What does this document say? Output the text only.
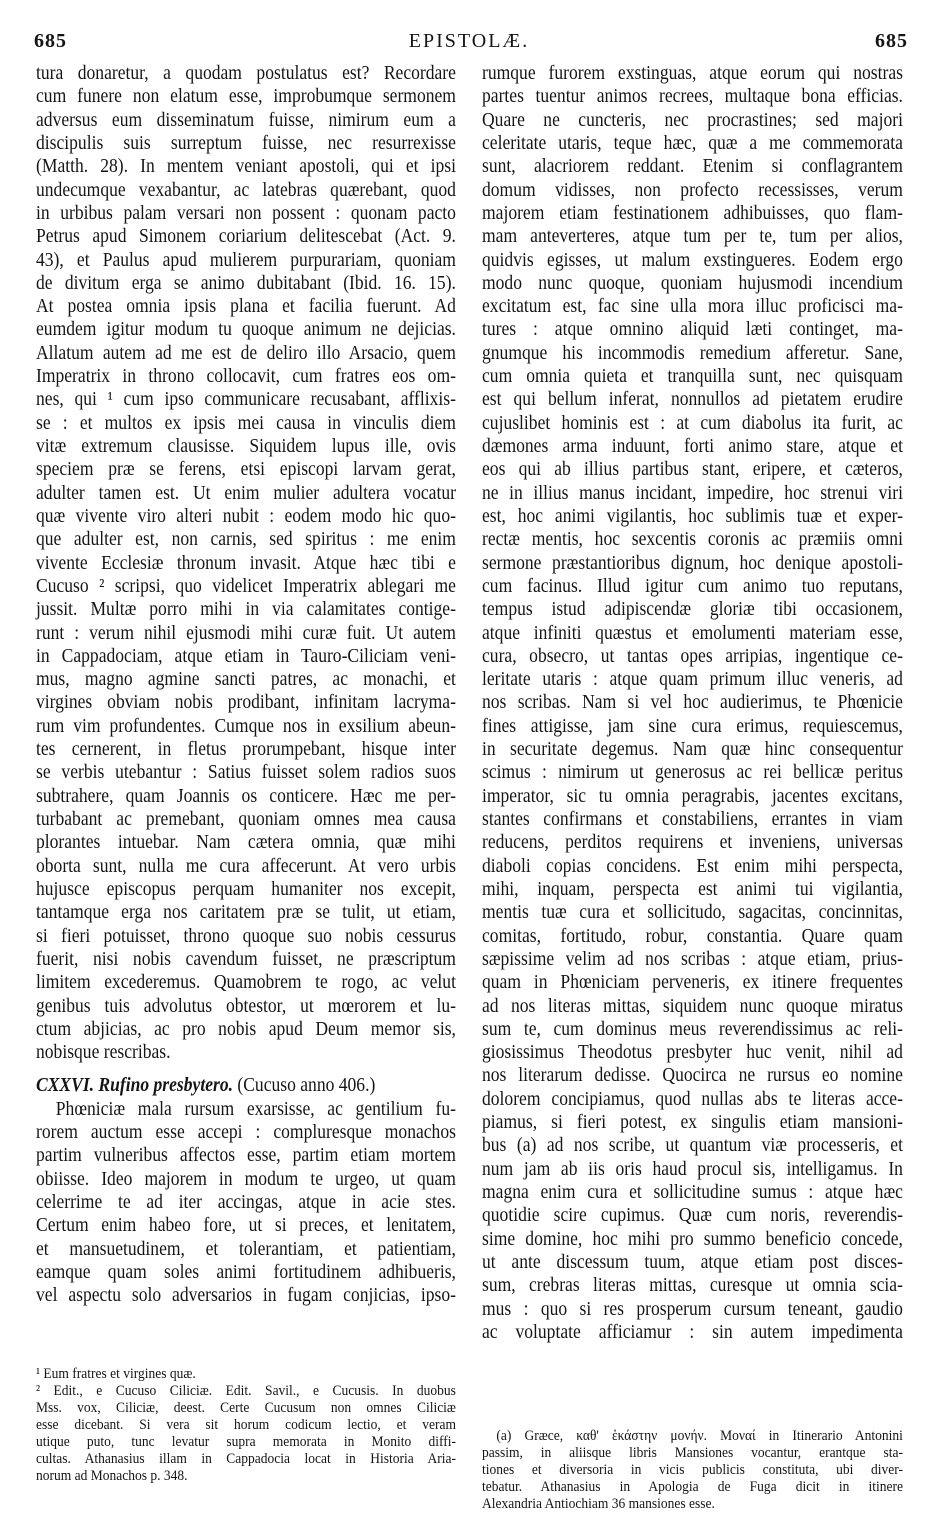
685	EPISTOLÆ.	685
tura donaretur, a quodam postulatus est? Recordare
cum funere non elatum esse, improbumque sermonem
adversus eum disseminatum fuisse, nimirum eum a
discipulis suis surreptum fuisse, nec resurrexisse
(Matth. 28). In mentem veniant apostoli, qui et ipsi
undecumque vexabantur, ac latebras quærebant, quod
in urbibus palam versari non possent : quonam pacto
Petrus apud Simonem coriarium delitescebat (Act. 9.
43), et Paulus apud mulierem purpurariam, quoniam
de divitum erga se animo dubitabant (Ibid. 16. 15).
At postea omnia ipsis plana et facilia fuerunt. Ad
eumdem igitur modum tu quoque animum ne dejicias.
Allatum autem ad me est de deliro illo Arsacio, quem
Imperatrix in throno collocavit, cum fratres eos om-
nes, qui ¹ cum ipso communicare recusabant, afflixis-
se : et multos ex ipsis mei causa in vinculis diem
vitæ extremum clausisse. Siquidem lupus ille, ovis
speciem præ se ferens, etsi episcopi larvam gerat,
adulter tamen est. Ut enim mulier adultera vocatur
quæ vivente viro alteri nubit : eodem modo hic quo-
que adulter est, non carnis, sed spiritus : me enim
vivente Ecclesiæ thronum invasit. Atque hæc tibi e
Cucuso ² scripsi, quo videlicet Imperatrix ablegari me
jussit. Multæ porro mihi in via calamitates contige-
runt : verum nihil ejusmodi mihi curæ fuit. Ut autem
in Cappadociam, atque etiam in Tauro-Ciliciam veni-
mus, magno agmine sancti patres, ac monachi, et
virgines obviam nobis prodibant, infinitam lacryma-
rum vim profundentes. Cumque nos in exsilium abeun-
tes cernerent, in fletus prorumpebant, hisque inter
se verbis utebantur : Satius fuisset solem radios suos
subtrahere, quam Joannis os conticere. Hæc me per-
turbabant ac premebant, quoniam omnes mea causa
plorantes intuebar. Nam cætera omnia, quæ mihi
oborta sunt, nulla me cura affecerunt. At vero urbis
hujusce episcopus perquam humaniter nos excepit,
tantamque erga nos caritatem præ se tulit, ut etiam,
si fieri potuisset, throno quoque suo nobis cessurus
fuerit, nisi nobis cavendum fuisset, ne præscriptum
limitem excederemus. Quamobrem te rogo, ac velut
genibus tuis advolutus obtestor, ut mœrorem et lu-
ctum abjicias, ac pro nobis apud Deum memor sis,
nobisque rescribas.
CXXVI. Rufino presbytero. (Cucuso anno 406.)
Phœniciæ mala rursum exarsisse, ac gentilium fu-
rorem auctum esse accepi : compluresque monachos
partim vulneribus affectos esse, partim etiam mortem
obiisse. Ideo majorem in modum te urgeo, ut quam
celerrime te ad iter accingas, atque in acie stes.
Certum enim habeo fore, ut si preces, et lenitatem,
et mansuetudinem, et tolerantiam, et patientiam,
eamque quam soles animi fortitudinem adhibueris,
vel aspectu solo adversarios in fugam conjicias, ipso-
¹ Eum fratres et virgines quæ.
² Edit., e Cucuso Ciliciæ. Edit. Savil., e Cucusis. In duobus
Mss. vox, Ciliciæ, deest. Certe Cucusum non omnes Ciliciæ
esse dicebant. Si vera sit horum codicum lectio, et veram
utique puto, tunc levatur supra memorata in Monito diffi-
cultas. Athanasius illam in Cappadocia locat in Historia Aria-
norum ad Monachos p. 348.
rumque furorem exstinguas, atque eorum qui nostras
partes tuentur animos recrees, multaque bona efficias.
Quare ne cuncteris, nec procrastines; sed majori
celeritate utaris, teque hæc, quæ a me commemorata
sunt, alacriorem reddant. Etenim si conflagrantem
domum vidisses, non profecto recessisses, verum
majorem etiam festinationem adhibuisses, quo flam-
mam anteverteres, atque tum per te, tum per alios,
quidvis egisses, ut malum exstingueres. Eodem ergo
modo nunc quoque, quoniam hujusmodi incendium
excitatum est, fac sine ulla mora illuc proficisci ma-
tures : atque omnino aliquid læti continget, ma-
gnumque his incommodis remedium afferetur. Sane,
cum omnia quieta et tranquilla sunt, nec quisquam
est qui bellum inferat, nonnullos ad pietatem erudire
cujuslibet hominis est : at cum diabolus ita furit, ac
dæmones arma induunt, forti animo stare, atque et
eos qui ab illius partibus stant, eripere, et cæteros,
ne in illius manus incidant, impedire, hoc strenui viri
est, hoc animi vigilantis, hoc sublimis tuæ et exper-
rectæ mentis, hoc sexcentis coronis ac præmiis omni
sermone præstantioribus dignum, hoc denique apostoli-
cum facinus. Illud igitur cum animo tuo reputans,
tempus istud adipiscendæ gloriæ tibi occasionem,
atque infiniti quæstus et emolumenti materiam esse,
cura, obsecro, ut tantas opes arripias, ingentique ce-
leritate utaris : atque quam primum illuc veneris, ad
nos scribas. Nam si vel hoc audierimus, te Phœnicie
fines attigisse, jam sine cura erimus, requiescemus,
in securitate degemus. Nam quæ hinc consequentur
scimus : nimirum ut generosus ac rei bellicæ peritus
imperator, sic tu omnia peragrabis, jacentes excitans,
stantes confirmans et constabiliens, errantes in viam
reducens, perditos requirens et inveniens, universas
diaboli copias concidens. Est enim mihi perspecta,
mihi, inquam, perspecta est animi tui vigilantia,
mentis tuæ cura et sollicitudo, sagacitas, concinnitas,
comitas, fortitudo, robur, constantia. Quare quam
sæpissime velim ad nos scribas : atque etiam, prius-
quam in Phœniciam perveneris, ex itinere frequentes
ad nos literas mittas, siquidem nunc quoque miratus
sum te, cum dominus meus reverendissimus ac reli-
giosissimus Theodotus presbyter huc venit, nihil ad
nos literarum dedisse. Quocirca ne rursus eo nomine
dolorem concipiamus, quod nullas abs te literas acce-
piamus, si fieri potest, ex singulis etiam mansioni-
bus (a) ad nos scribe, ut quantum viæ processeris, et
num jam ab iis oris haud procul sis, intelligamus. In
magna enim cura et sollicitudine sumus : atque hæc
quotidie scire cupimus. Quæ cum noris, reverendis-
sime domine, hoc mihi pro summo beneficio concede,
ut ante discessum tuum, atque etiam post disces-
sum, crebras literas mittas, curesque ut omnia scia-
mus : quo si res prosperum cursum teneant, gaudio
ac voluptate afficiamur : sin autem impedimenta
(a) Græce, καθ' ἑκάστην μονήν. Μοναί in Itinerario Antonini
passim, in aliisque libris Mansiones vocantur, erantque sta-
tiones et diversoria in vicis publicis constituta, ubi diver-
tebatur. Athanasius in Apologia de Fuga dicit in itinere
Alexandria Antiochiam 36 mansiones esse.
